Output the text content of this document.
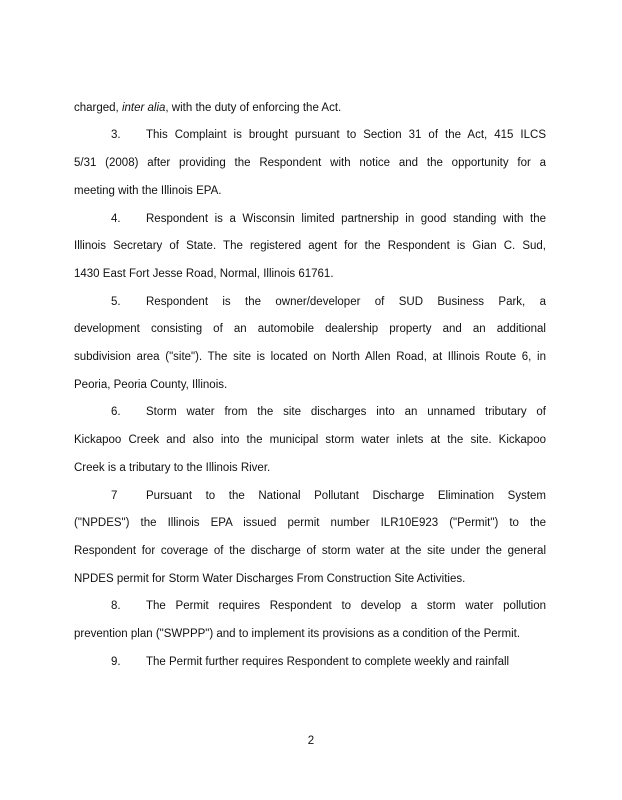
charged, inter alia, with the duty of enforcing the Act.
3. This Complaint is brought pursuant to Section 31 of the Act, 415 ILCS
5/31 (2008) after providing the Respondent with notice and the opportunity for a
meeting with the Illinois EPA.
4. Respondent is a Wisconsin limited partnership in good standing with the
Illinois Secretary of State. The registered agent for the Respondent is Gian C. Sud,
1430 East Fort Jesse Road, Normal, Illinois 61761.
5. Respondent is the owner/developer of SUD Business Park, a
development consisting of an automobile dealership property and an additional
subdivision area ("site"). The site is located on North Allen Road, at Illinois Route 6, in
Peoria, Peoria County, Illinois.
6. Storm water from the site discharges into an unnamed tributary of
Kickapoo Creek and also into the municipal storm water inlets at the site. Kickapoo
Creek is a tributary to the Illinois River.
7 Pursuant to the National Pollutant Discharge Elimination System
("NPDES") the Illinois EPA issued permit number ILR10E923 ("Permit") to the
Respondent for coverage of the discharge of storm water at the site under the general
NPDES permit for Storm Water Discharges From Construction Site Activities.
8. The Permit requires Respondent to develop a storm water pollution
prevention plan ("SWPPP") and to implement its provisions as a condition of the Permit.
9. The Permit further requires Respondent to complete weekly and rainfall
2
